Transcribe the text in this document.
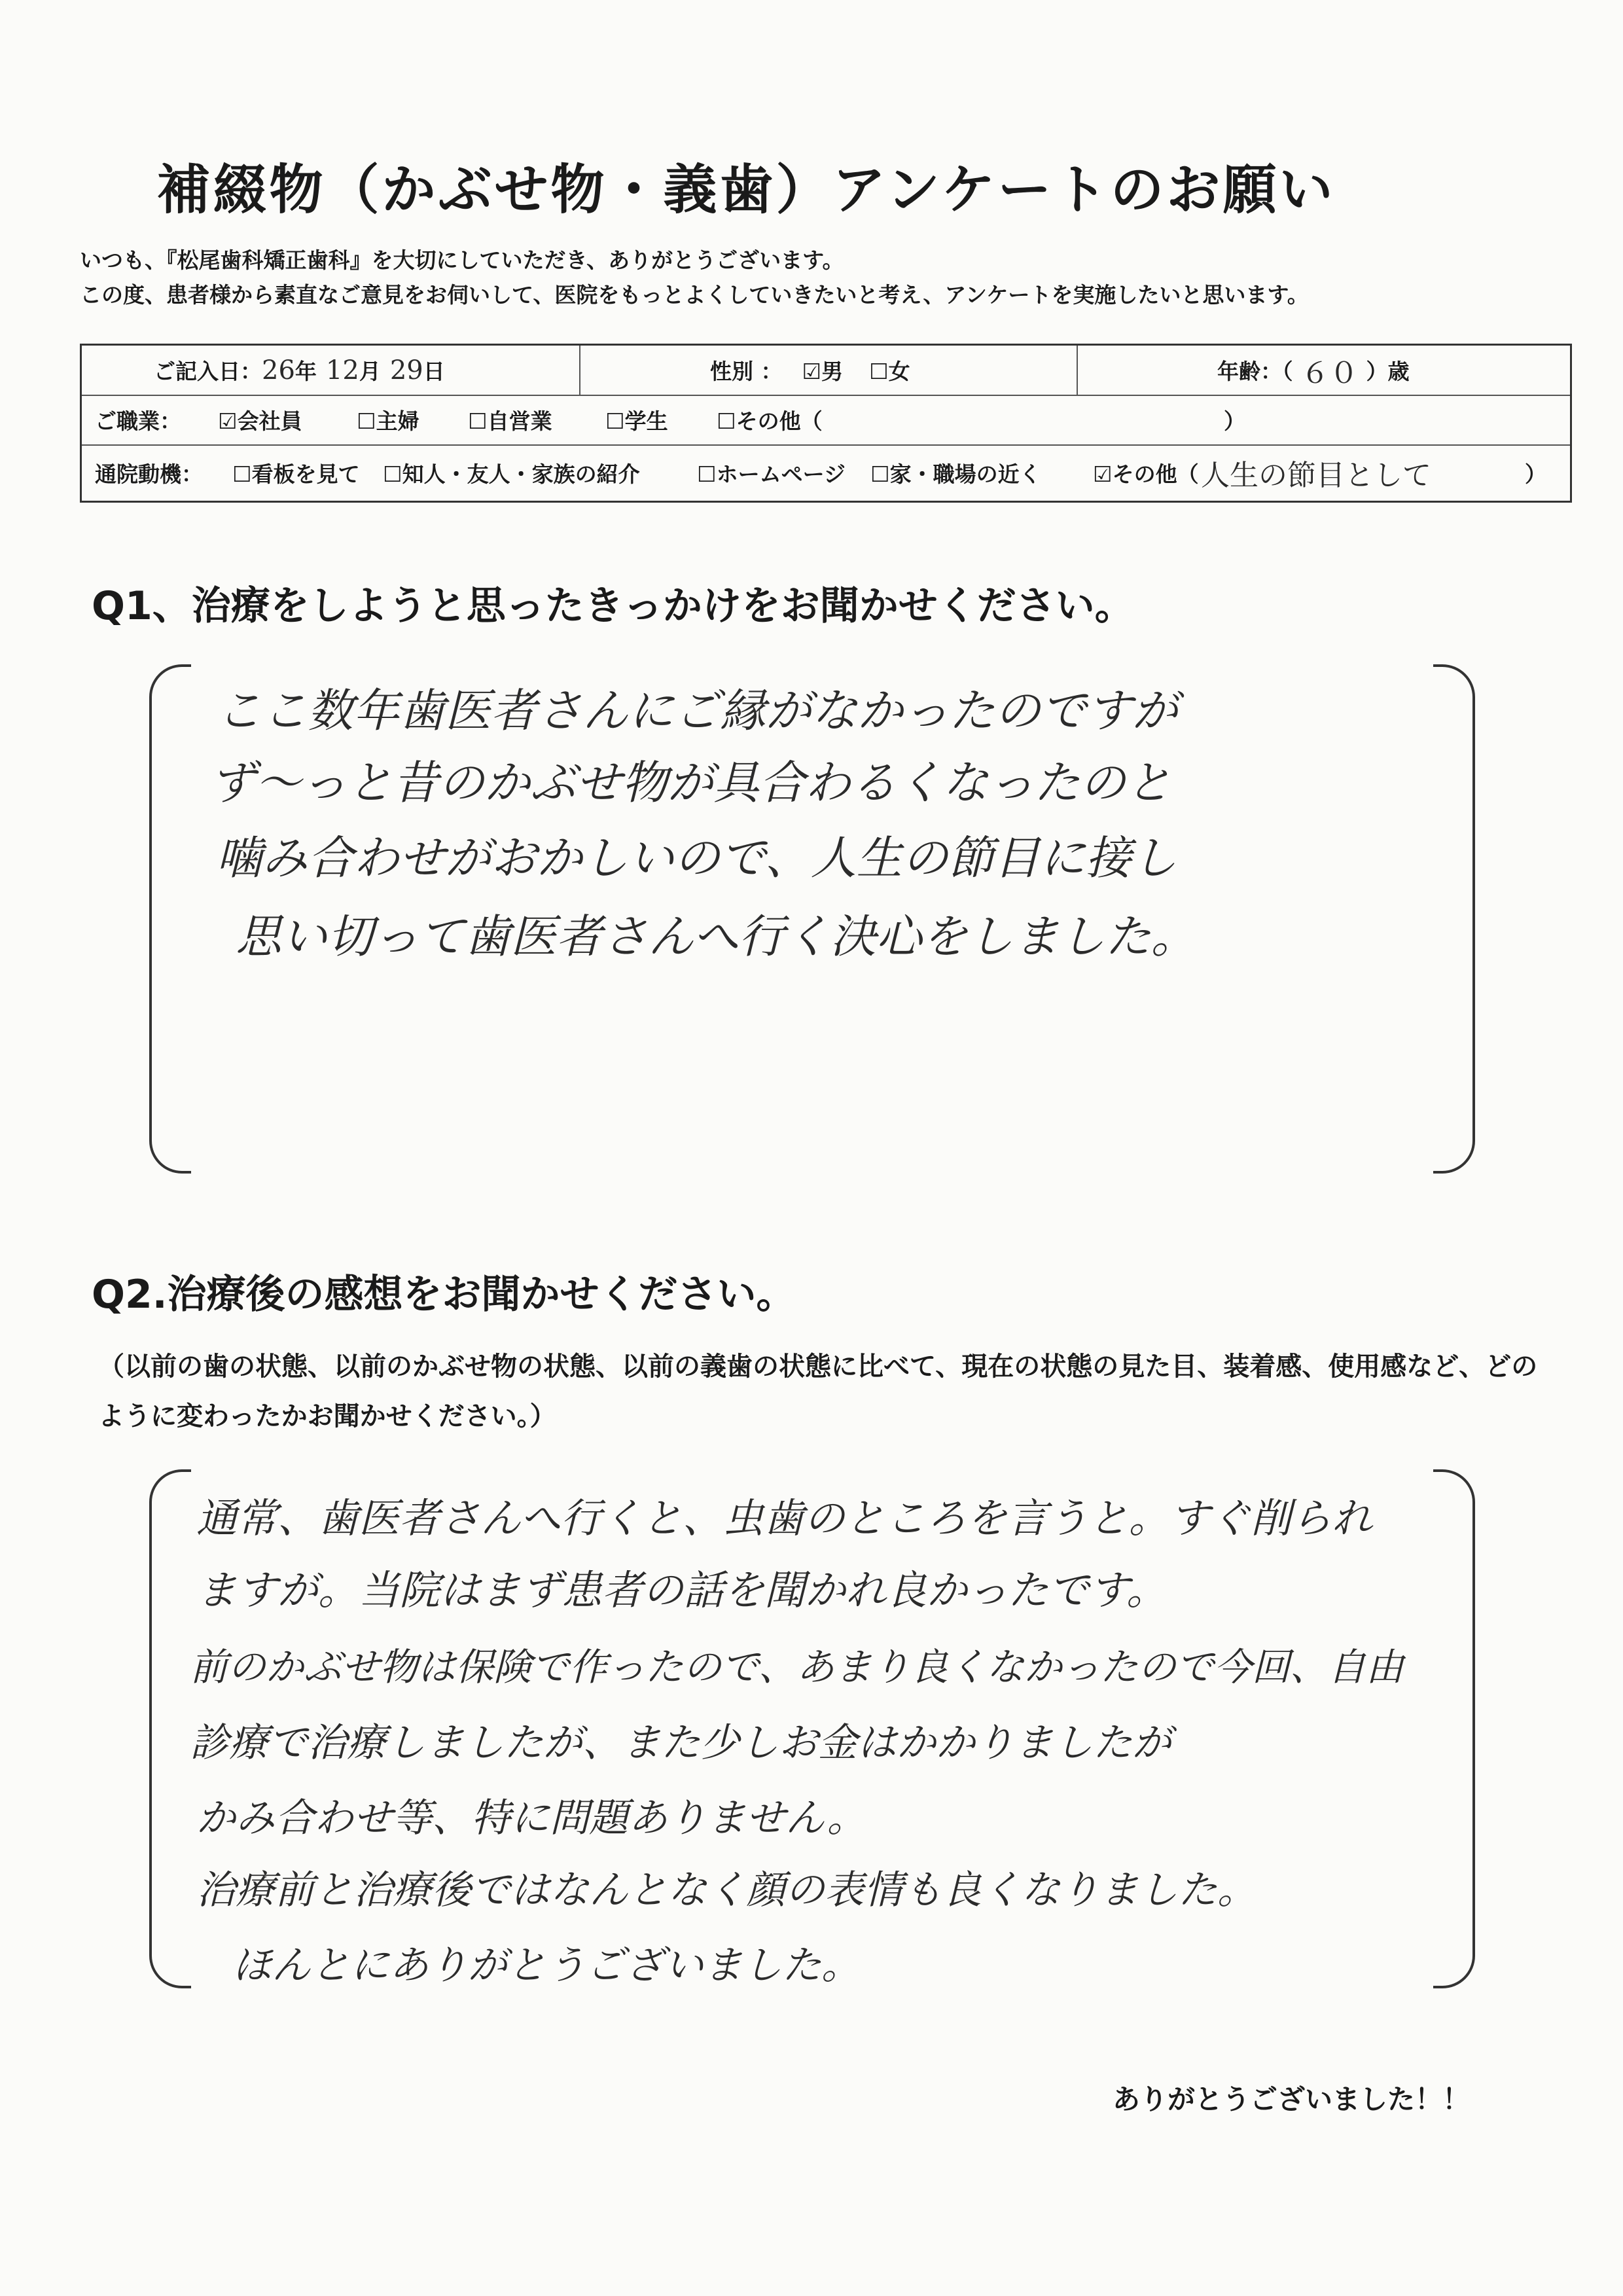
補綴物（かぶせ物・義歯）アンケートのお願い
いつも、『松尾歯科矯正歯科』を大切にしていただき、ありがとうございます。
この度、患者様から素直なご意見をお伺いして、医院をもっとよくしていきたいと考え、アンケートを実施したいと思います。
ご記入日： 26 年 12 月 29 日	性別 ： ☑男 ☐女	年齢：（ ６０ ）歳
ご職業： ☑会社員	☐主婦 ☐自営業 ☐学生 ☐その他（	）
通院動機： ☐看板を見て ☐知人・友人・家族の紹介	☐ホームページ ☐家・職場の近く ☑その他（ 人生の節目として	）
Q1、治療をしようと思ったきっかけをお聞かせください。
ここ数年歯医者さんにご縁がなかったのですが
ず～っと昔のかぶせ物が具合わるくなったのと
噛み合わせがおかしいので、人生の節目に接し
思い切って歯医者さんへ行く決心をしました。
Q2.治療後の感想をお聞かせください。
（以前の歯の状態、以前のかぶせ物の状態、以前の義歯の状態に比べて、現在の状態の見た目、装着感、使用感など、どのように変わったかお聞かせください。）
通常、歯医者さんへ行くと、虫歯のところを言うと。すぐ削られ
ますが。当院はまず患者の話を聞かれ良かったです。
前のかぶせ物は保険で作ったので、あまり良くなかったので今回、自由
診療で治療しましたが、また少しお金はかかりましたが
かみ合わせ等、特に問題ありません。
治療前と治療後ではなんとなく顔の表情も良くなりました。
ほんとにありがとうございました。
ありがとうございました！！
